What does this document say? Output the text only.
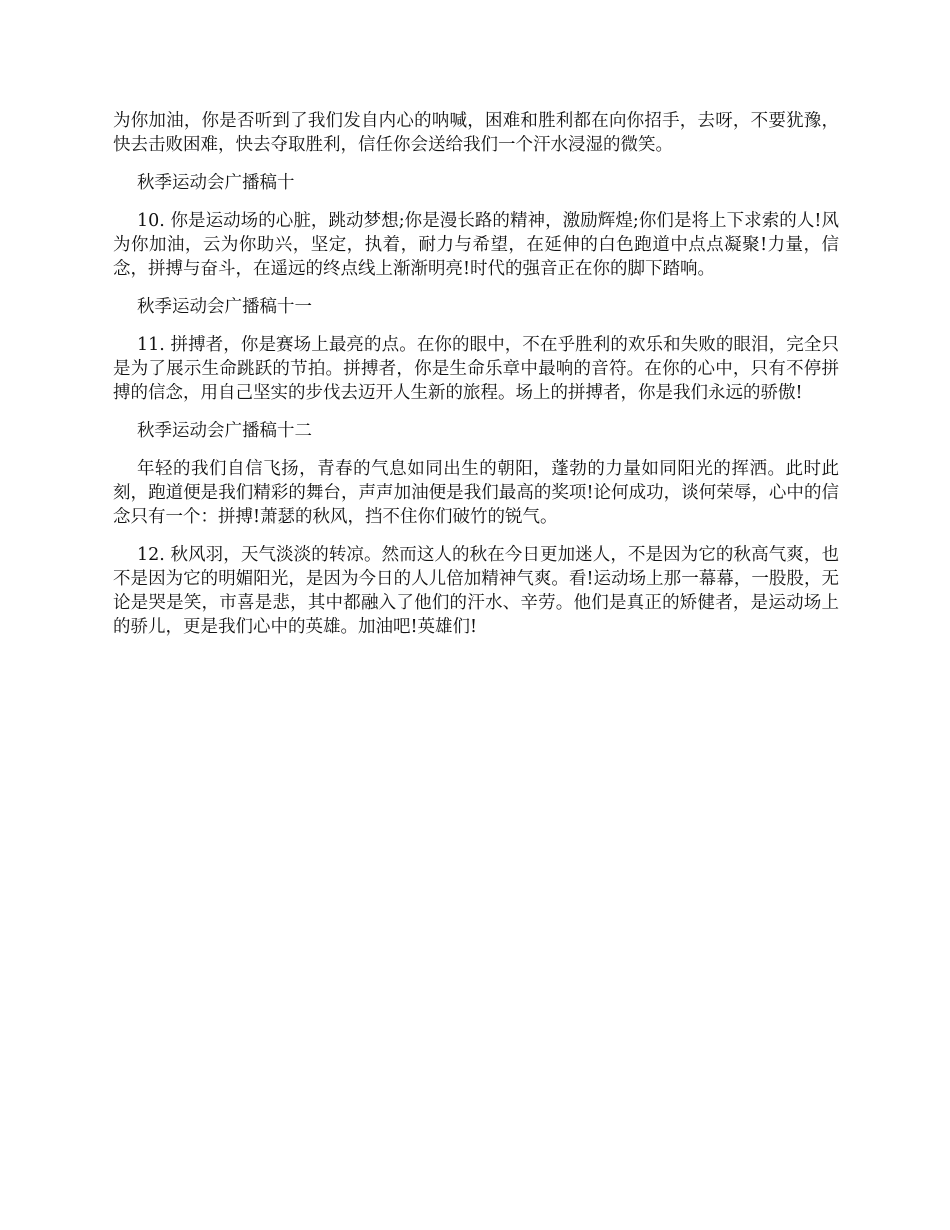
为你加油，你是否听到了我们发自内心的呐喊，困难和胜利都在向你招手，去呀，不要犹豫，快去击败困难，快去夺取胜利，信任你会送给我们一个汗水浸湿的微笑。

秋季运动会广播稿十

10. 你是运动场的心脏，跳动梦想;你是漫长路的精神，激励辉煌;你们是将上下求索的人!风为你加油，云为你助兴，坚定，执着，耐力与希望，在延伸的白色跑道中点点凝聚!力量，信念，拼搏与奋斗，在遥远的终点线上渐渐明亮!时代的强音正在你的脚下踏响。

秋季运动会广播稿十一

11. 拼搏者，你是赛场上最亮的点。在你的眼中，不在乎胜利的欢乐和失败的眼泪，完全只是为了展示生命跳跃的节拍。拼搏者，你是生命乐章中最响的音符。在你的心中，只有不停拼搏的信念，用自己坚实的步伐去迈开人生新的旅程。场上的拼搏者，你是我们永远的骄傲!

秋季运动会广播稿十二

年轻的我们自信飞扬，青春的气息如同出生的朝阳，蓬勃的力量如同阳光的挥洒。此时此刻，跑道便是我们精彩的舞台，声声加油便是我们最高的奖项!论何成功，谈何荣辱，心中的信念只有一个：拼搏!萧瑟的秋风，挡不住你们破竹的锐气。

12. 秋风羽，天气淡淡的转凉。然而这人的秋在今日更加迷人，不是因为它的秋高气爽，也不是因为它的明媚阳光，是因为今日的人儿倍加精神气爽。看!运动场上那一幕幕，一股股，无论是哭是笑，市喜是悲，其中都融入了他们的汗水、辛劳。他们是真正的矫健者，是运动场上的骄儿，更是我们心中的英雄。加油吧!英雄们!
